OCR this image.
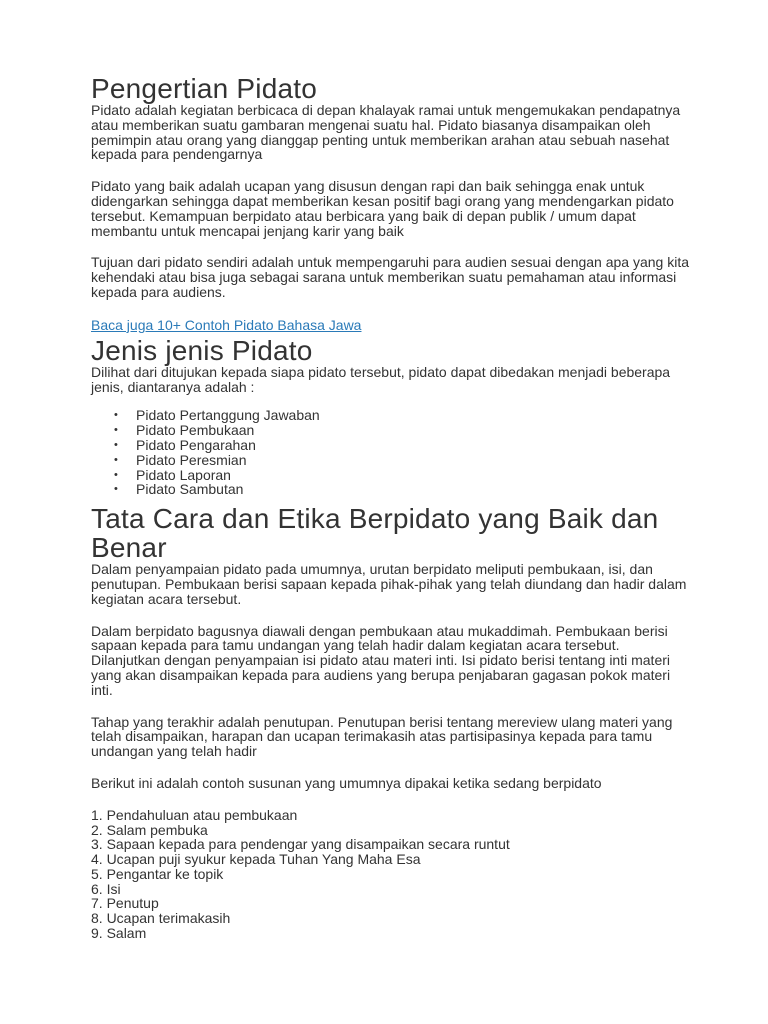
Pengertian Pidato

Pidato adalah kegiatan berbicaca di depan khalayak ramai untuk mengemukakan pendapatnya atau memberikan suatu gambaran mengenai suatu hal. Pidato biasanya disampaikan oleh pemimpin atau orang yang dianggap penting untuk memberikan arahan atau sebuah nasehat kepada para pendengarnya

Pidato yang baik adalah ucapan yang disusun dengan rapi dan baik sehingga enak untuk didengarkan sehingga dapat memberikan kesan positif bagi orang yang mendengarkan pidato tersebut. Kemampuan berpidato atau berbicara yang baik di depan publik / umum dapat membantu untuk mencapai jenjang karir yang baik

Tujuan dari pidato sendiri adalah untuk mempengaruhi para audien sesuai dengan apa yang kita kehendaki atau bisa juga sebagai sarana untuk memberikan suatu pemahaman atau informasi kepada para audiens.

Baca juga 10+ Contoh Pidato Bahasa Jawa
Jenis jenis Pidato

Dilihat dari ditujukan kepada siapa pidato tersebut, pidato dapat dibedakan menjadi beberapa jenis, diantaranya adalah :

• Pidato Pertanggung Jawaban
• Pidato Pembukaan
• Pidato Pengarahan
• Pidato Peresmian
• Pidato Laporan
• Pidato Sambutan
Tata Cara dan Etika Berpidato yang Baik dan Benar

Dalam penyampaian pidato pada umumnya, urutan berpidato meliputi pembukaan, isi, dan penutupan. Pembukaan berisi sapaan kepada pihak-pihak yang telah diundang dan hadir dalam kegiatan acara tersebut.

Dalam berpidato bagusnya diawali dengan pembukaan atau mukaddimah. Pembukaan berisi sapaan kepada para tamu undangan yang telah hadir dalam kegiatan acara tersebut. Dilanjutkan dengan penyampaian isi pidato atau materi inti. Isi pidato berisi tentang inti materi yang akan disampaikan kepada para audiens yang berupa penjabaran gagasan pokok materi inti.

Tahap yang terakhir adalah penutupan. Penutupan berisi tentang mereview ulang materi yang telah disampaikan, harapan dan ucapan terimakasih atas partisipasinya kepada para tamu undangan yang telah hadir

Berikut ini adalah contoh susunan yang umumnya dipakai ketika sedang berpidato

1. Pendahuluan atau pembukaan
2. Salam pembuka
3. Sapaan kepada para pendengar yang disampaikan secara runtut
4. Ucapan puji syukur kepada Tuhan Yang Maha Esa
5. Pengantar ke topik
6. Isi
7. Penutup
8. Ucapan terimakasih
9. Salam
